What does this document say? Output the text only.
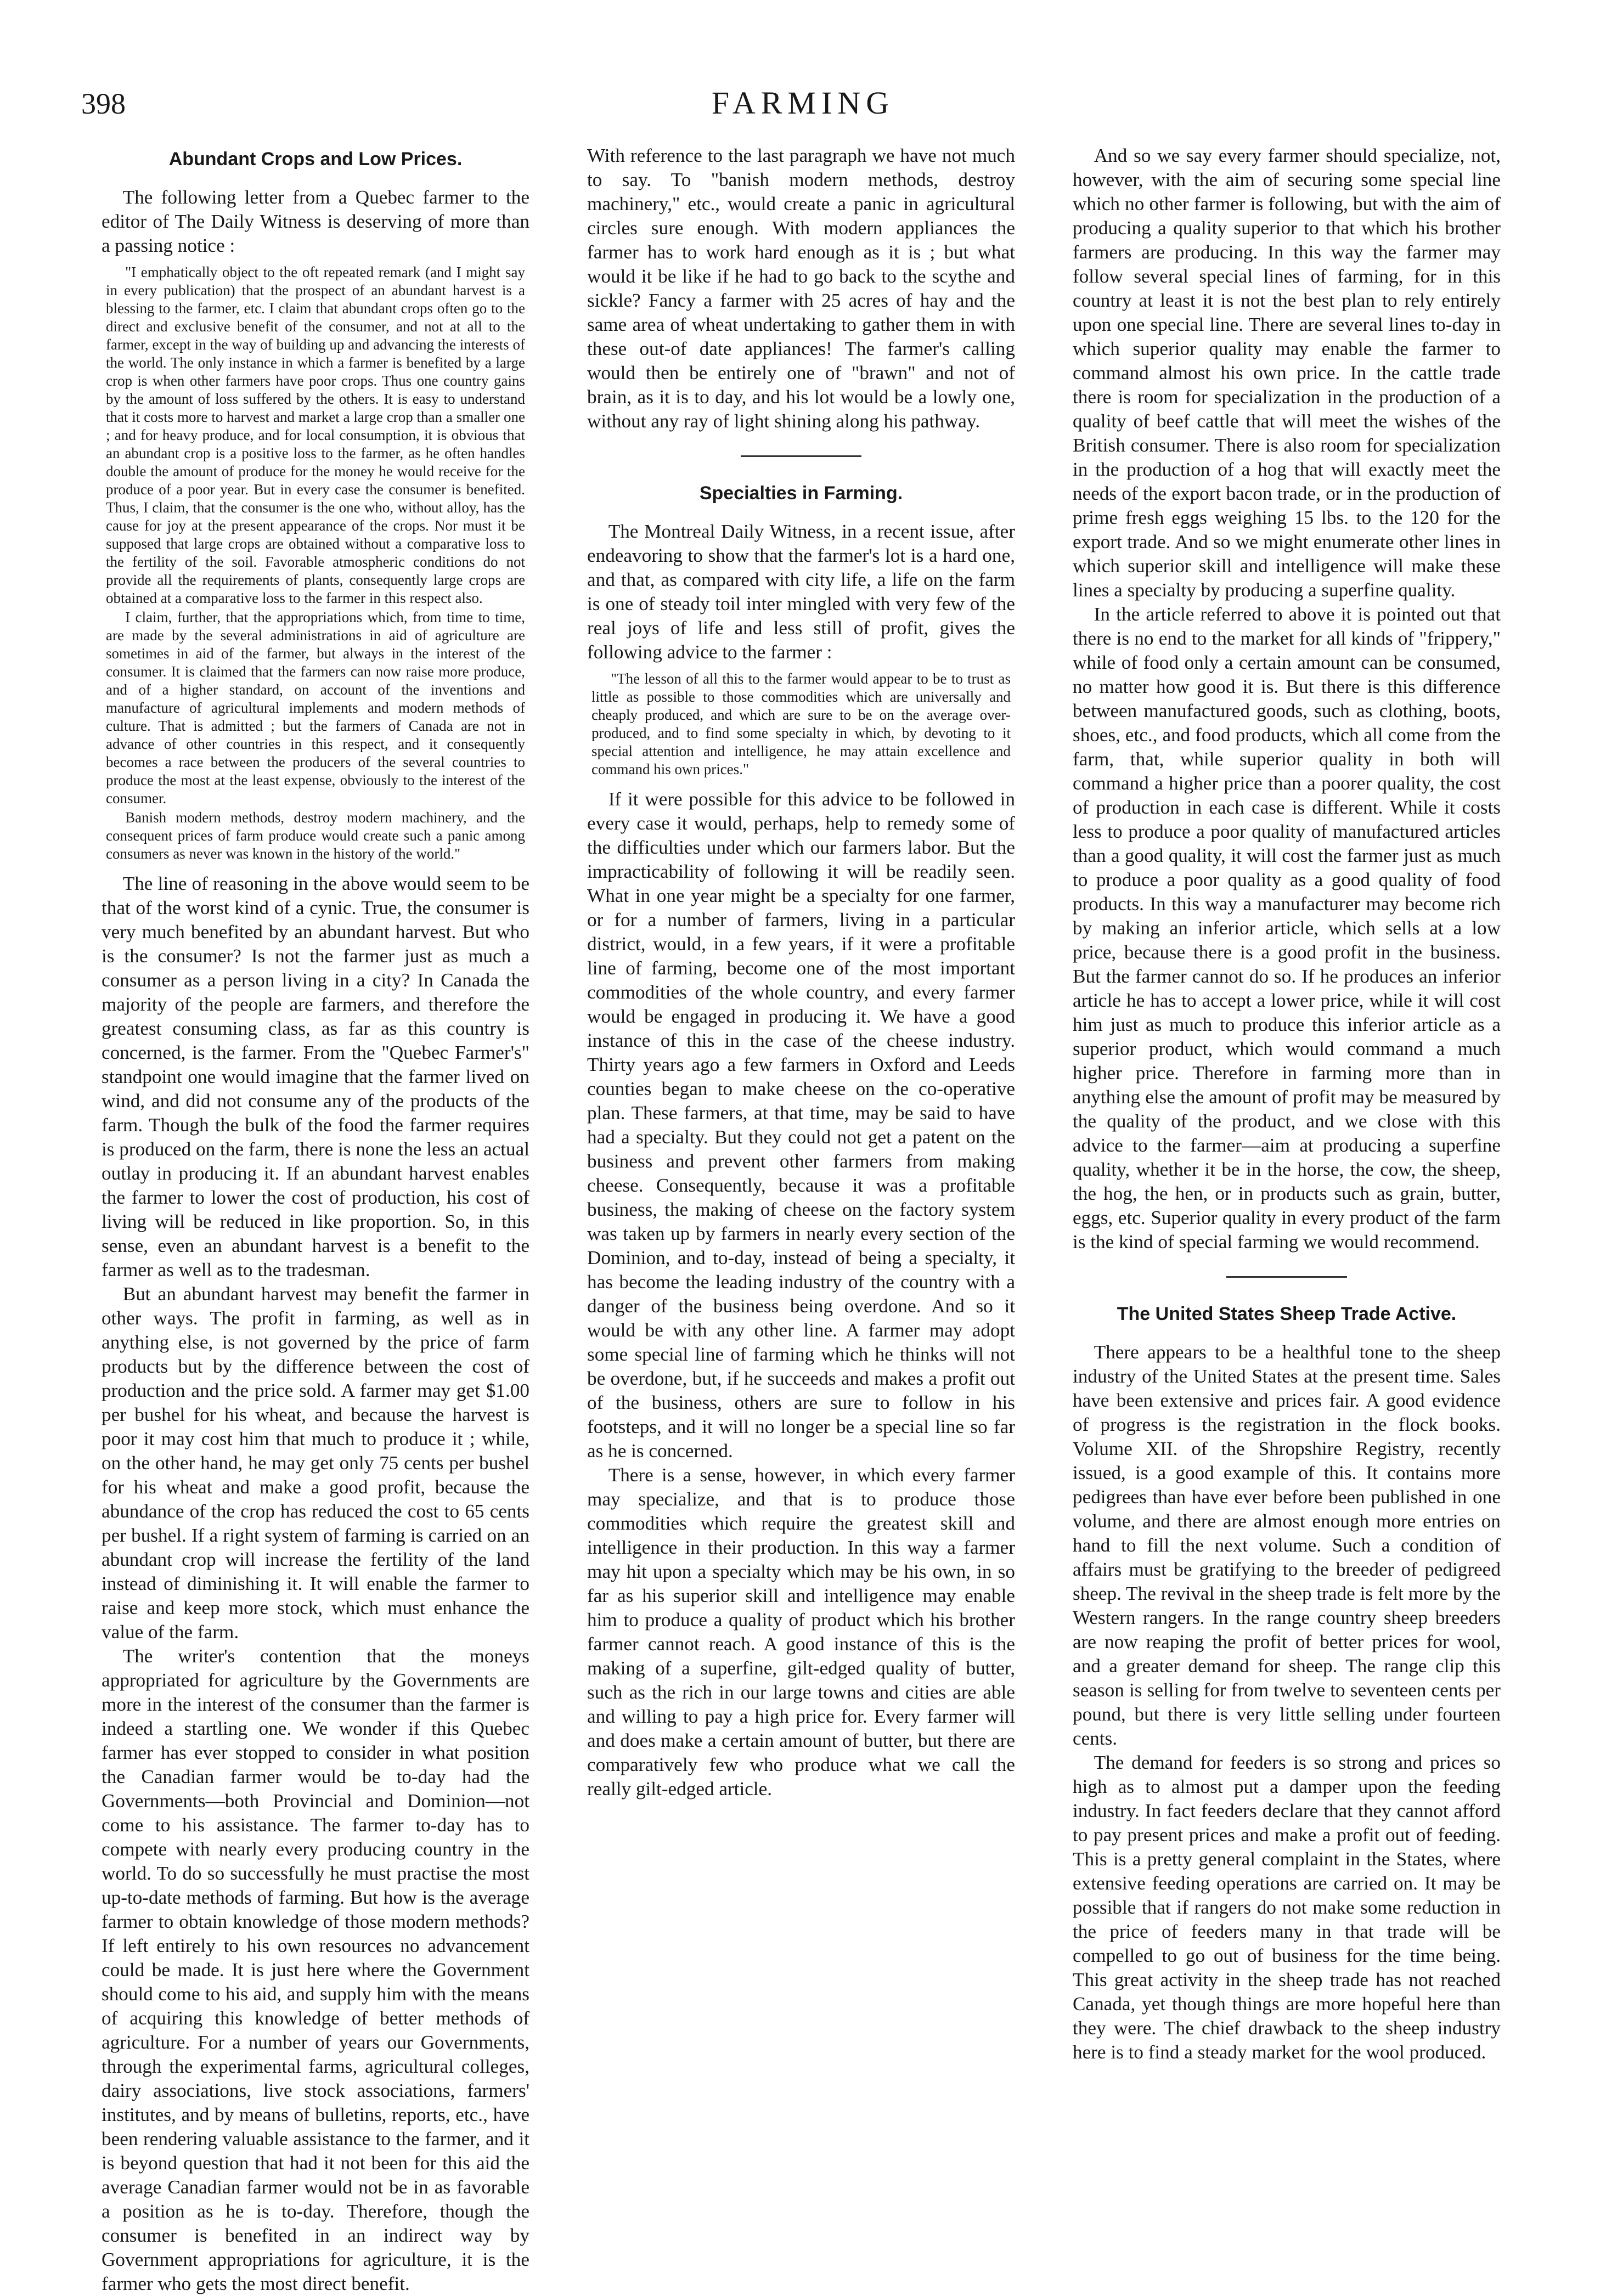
398	FARMING
Abundant Crops and Low Prices.

The following letter from a Quebec farmer to the editor of The Daily Witness is deserving of more than a passing notice :

"I emphatically object to the oft repeated remark (and I might say in every publication) that the prospect of an abundant harvest is a blessing to the farmer, etc. I claim that abundant crops often go to the direct and exclusive benefit of the consumer, and not at all to the farmer, except in the way of building up and advancing the interests of the world. The only instance in which a farmer is benefited by a large crop is when other farmers have poor crops. Thus one country gains by the amount of loss suffered by the others. It is easy to understand that it costs more to harvest and market a large crop than a smaller one ; and for heavy produce, and for local consumption, it is obvious that an abundant crop is a positive loss to the farmer, as he often handles double the amount of produce for the money he would receive for the produce of a poor year. But in every case the consumer is benefited. Thus, I claim, that the consumer is the one who, without alloy, has the cause for joy at the present appearance of the crops. Nor must it be supposed that large crops are obtained without a comparative loss to the fertility of the soil. Favorable atmospheric conditions do not provide all the requirements of plants, consequently large crops are obtained at a comparative loss to the farmer in this respect also.

I claim, further, that the appropriations which, from time to time, are made by the several administrations in aid of agriculture are sometimes in aid of the farmer, but always in the interest of the consumer. It is claimed that the farmers can now raise more produce, and of a higher standard, on account of the inventions and manufacture of agricultural implements and modern methods of culture. That is admitted ; but the farmers of Canada are not in advance of other countries in this respect, and it consequently becomes a race between the producers of the several countries to produce the most at the least expense, obviously to the interest of the consumer.

Banish modern methods, destroy modern machinery, and the consequent prices of farm produce would create such a panic among consumers as never was known in the history of the world."

The line of reasoning in the above would seem to be that of the worst kind of a cynic. True, the consumer is very much benefited by an abundant harvest. But who is the consumer? Is not the farmer just as much a consumer as a person living in a city? In Canada the majority of the people are farmers, and therefore the greatest consuming class, as far as this country is concerned, is the farmer. From the "Quebec Farmer's" standpoint one would imagine that the farmer lived on wind, and did not consume any of the products of the farm. Though the bulk of the food the farmer requires is produced on the farm, there is none the less an actual outlay in producing it. If an abundant harvest enables the farmer to lower the cost of production, his cost of living will be reduced in like proportion. So, in this sense, even an abundant harvest is a benefit to the farmer as well as to the tradesman.

But an abundant harvest may benefit the farmer in other ways. The profit in farming, as well as in anything else, is not governed by the price of farm products but by the difference between the cost of production and the price sold. A farmer may get $1.00 per bushel for his wheat, and because the harvest is poor it may cost him that much to produce it ; while, on the other hand, he may get only 75 cents per bushel for his wheat and make a good profit, because the abundance of the crop has reduced the cost to 65 cents per bushel. If a right system of farming is carried on an abundant crop will increase the fertility of the land instead of diminishing it. It will enable the farmer to raise and keep more stock, which must enhance the value of the farm.

The writer's contention that the moneys appropriated for agriculture by the Governments are more in the interest of the consumer than the farmer is indeed a startling one. We wonder if this Quebec farmer has ever stopped to consider in what position the Canadian farmer would be to-day had the Governments—both Provincial and Dominion—not come to his assistance. The farmer to-day has to compete with nearly every producing country in the world. To do so successfully he must practise the most up-to-date methods of farming. But how is the average farmer to obtain knowledge of those modern methods? If left entirely to his own resources no advancement could be made. It is just here where the Government should come to his aid, and supply him with the means of acquiring this knowledge of better methods of agriculture. For a number of years our Governments, through the experimental farms, agricultural colleges, dairy associations, live stock associations, farmers' institutes, and by means of bulletins, reports, etc., have been rendering valuable assistance to the farmer, and it is beyond question that had it not been for this aid the average Canadian farmer would not be in as favorable a position as he is to-day. Therefore, though the consumer is benefited in an indirect way by Government appropriations for agriculture, it is the farmer who gets the most direct benefit.

With reference to the last paragraph we have not much to say. To "banish modern methods, destroy machinery," etc., would create a panic in agricultural circles sure enough. With modern appliances the farmer has to work hard enough as it is ; but what would it be like if he had to go back to the scythe and sickle? Fancy a farmer with 25 acres of hay and the same area of wheat undertaking to gather them in with these out-of date appliances! The farmer's calling would then be entirely one of "brawn" and not of brain, as it is to day, and his lot would be a lowly one, without any ray of light shining along his pathway.

Specialties in Farming.

The Montreal Daily Witness, in a recent issue, after endeavoring to show that the farmer's lot is a hard one, and that, as compared with city life, a life on the farm is one of steady toil inter mingled with very few of the real joys of life and less still of profit, gives the following advice to the farmer :

"The lesson of all this to the farmer would appear to be to trust as little as possible to those commodities which are universally and cheaply produced, and which are sure to be on the average over-produced, and to find some specialty in which, by devoting to it special attention and intelligence, he may attain excellence and command his own prices."

If it were possible for this advice to be followed in every case it would, perhaps, help to remedy some of the difficulties under which our farmers labor. But the impracticability of following it will be readily seen. What in one year might be a specialty for one farmer, or for a number of farmers, living in a particular district, would, in a few years, if it were a profitable line of farming, become one of the most important commodities of the whole country, and every farmer would be engaged in producing it. We have a good instance of this in the case of the cheese industry. Thirty years ago a few farmers in Oxford and Leeds counties began to make cheese on the co-operative plan. These farmers, at that time, may be said to have had a specialty. But they could not get a patent on the business and prevent other farmers from making cheese. Consequently, because it was a profitable business, the making of cheese on the factory system was taken up by farmers in nearly every section of the Dominion, and to-day, instead of being a specialty, it has become the leading industry of the country with a danger of the business being overdone. And so it would be with any other line. A farmer may adopt some special line of farming which he thinks will not be overdone, but, if he succeeds and makes a profit out of the business, others are sure to follow in his footsteps, and it will no longer be a special line so far as he is concerned.

There is a sense, however, in which every farmer may specialize, and that is to produce those commodities which require the greatest skill and intelligence in their production. In this way a farmer may hit upon a specialty which may be his own, in so far as his superior skill and intelligence may enable him to produce a quality of product which his brother farmer cannot reach. A good instance of this is the making of a superfine, gilt-edged quality of butter, such as the rich in our large towns and cities are able and willing to pay a high price for. Every farmer will and does make a certain amount of butter, but there are comparatively few who produce what we call the really gilt-edged article.

And so we say every farmer should specialize, not, however, with the aim of securing some special line which no other farmer is following, but with the aim of producing a quality superior to that which his brother farmers are producing. In this way the farmer may follow several special lines of farming, for in this country at least it is not the best plan to rely entirely upon one special line. There are several lines to-day in which superior quality may enable the farmer to command almost his own price. In the cattle trade there is room for specialization in the production of a quality of beef cattle that will meet the wishes of the British consumer. There is also room for specialization in the production of a hog that will exactly meet the needs of the export bacon trade, or in the production of prime fresh eggs weighing 15 lbs. to the 120 for the export trade. And so we might enumerate other lines in which superior skill and intelligence will make these lines a specialty by producing a superfine quality.

In the article referred to above it is pointed out that there is no end to the market for all kinds of "frippery," while of food only a certain amount can be consumed, no matter how good it is. But there is this difference between manufactured goods, such as clothing, boots, shoes, etc., and food products, which all come from the farm, that, while superior quality in both will command a higher price than a poorer quality, the cost of production in each case is different. While it costs less to produce a poor quality of manufactured articles than a good quality, it will cost the farmer just as much to produce a poor quality as a good quality of food products. In this way a manufacturer may become rich by making an inferior article, which sells at a low price, because there is a good profit in the business. But the farmer cannot do so. If he produces an inferior article he has to accept a lower price, while it will cost him just as much to produce this inferior article as a superior product, which would command a much higher price. Therefore in farming more than in anything else the amount of profit may be measured by the quality of the product, and we close with this advice to the farmer—aim at producing a superfine quality, whether it be in the horse, the cow, the sheep, the hog, the hen, or in products such as grain, butter, eggs, etc. Superior quality in every product of the farm is the kind of special farming we would recommend.

The United States Sheep Trade Active.

There appears to be a healthful tone to the sheep industry of the United States at the present time. Sales have been extensive and prices fair. A good evidence of progress is the registration in the flock books. Volume XII. of the Shropshire Registry, recently issued, is a good example of this. It contains more pedigrees than have ever before been published in one volume, and there are almost enough more entries on hand to fill the next volume. Such a condition of affairs must be gratifying to the breeder of pedigreed sheep. The revival in the sheep trade is felt more by the Western rangers. In the range country sheep breeders are now reaping the profit of better prices for wool, and a greater demand for sheep. The range clip this season is selling for from twelve to seventeen cents per pound, but there is very little selling under fourteen cents.

The demand for feeders is so strong and prices so high as to almost put a damper upon the feeding industry. In fact feeders declare that they cannot afford to pay present prices and make a profit out of feeding. This is a pretty general complaint in the States, where extensive feeding operations are carried on. It may be possible that if rangers do not make some reduction in the price of feeders many in that trade will be compelled to go out of business for the time being. This great activity in the sheep trade has not reached Canada, yet though things are more hopeful here than they were. The chief drawback to the sheep industry here is to find a steady market for the wool produced.
